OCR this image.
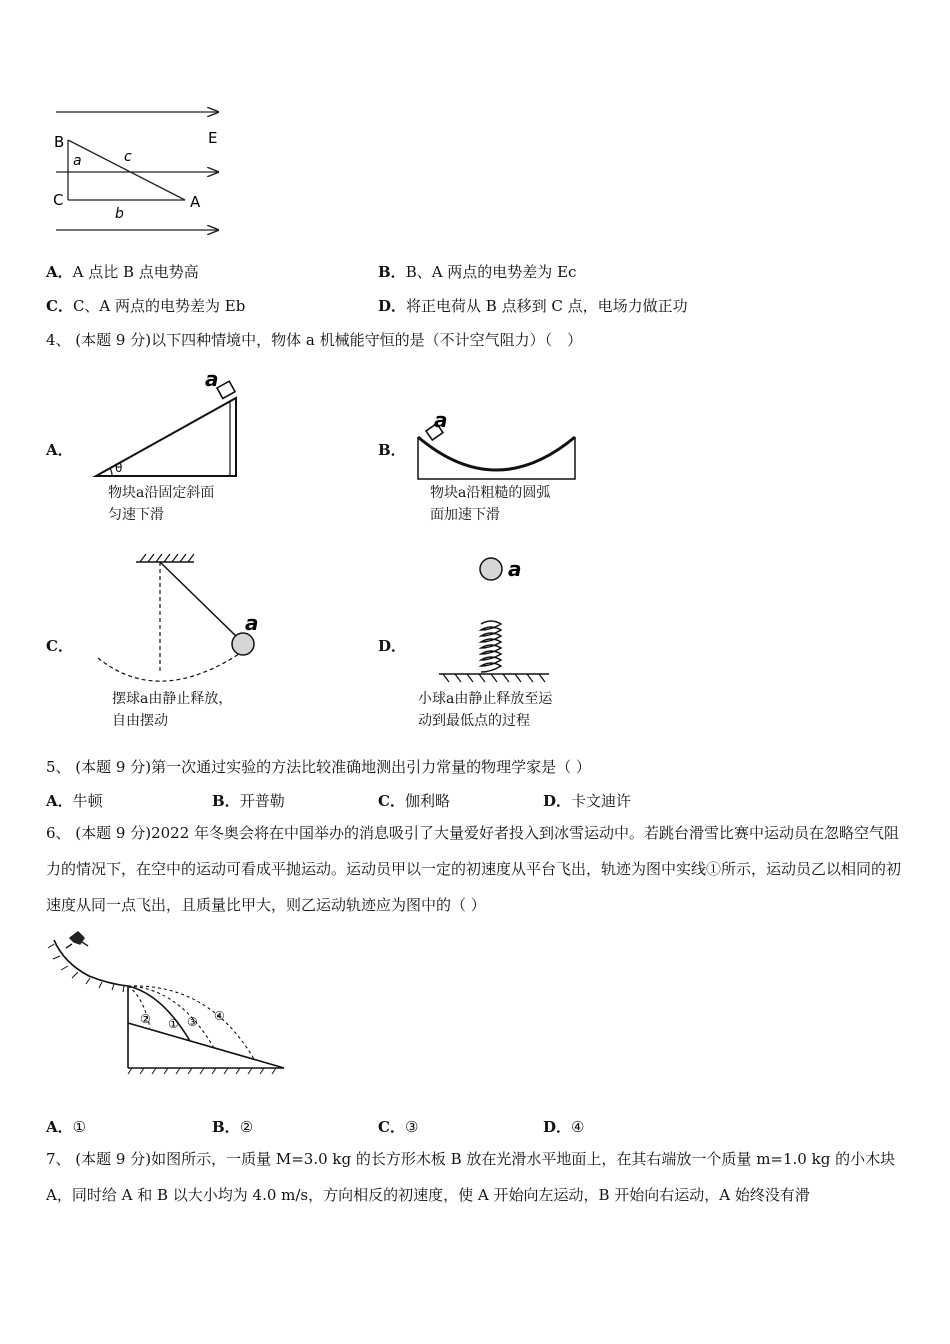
B	E
a	c
C	A
b
A．A 点比 B 点电势高	B．B、A 两点的电势差为 Ec
C．C、A 两点的电势差为 Eb	D．将正电荷从 B 点移到 C 点，电场力做正功
4、 (本题 9 分)以下四种情境中，物体 a 机械能守恒的是（不计空气阻力）（　）
A．
a
θ
物块a沿固定斜面
匀速下滑
B．
a
物块a沿粗糙的圆弧
面加速下滑
C．
a
摆球a由静止释放，
自由摆动
D．
a
小球a由静止释放至运
动到最低点的过程
5、 (本题 9 分)第一次通过实验的方法比较准确地测出引力常量的物理学家是（ ）
A．牛顿	B．开普勒	C．伽利略	D．卡文迪许
6、 (本题 9 分)2022 年冬奥会将在中国举办的消息吸引了大量爱好者投入到冰雪运动中。若跳台滑雪比赛中运动员在忽略空气阻力的情况下，在空中的运动可看成平抛运动。运动员甲以一定的初速度从平台飞出，轨迹为图中实线①所示，运动员乙以相同的初速度从同一点飞出，且质量比甲大，则乙运动轨迹应为图中的（ ）
② ① ③ ④
A．①	B．②	C．③	D．④
7、 (本题 9 分)如图所示，一质量 M=3.0 kg 的长方形木板 B 放在光滑水平地面上，在其右端放一个质量 m=1.0 kg 的小木块 A，同时给 A 和 B 以大小均为 4.0 m/s，方向相反的初速度，使 A 开始向左运动，B 开始向右运动，A 始终没有滑
